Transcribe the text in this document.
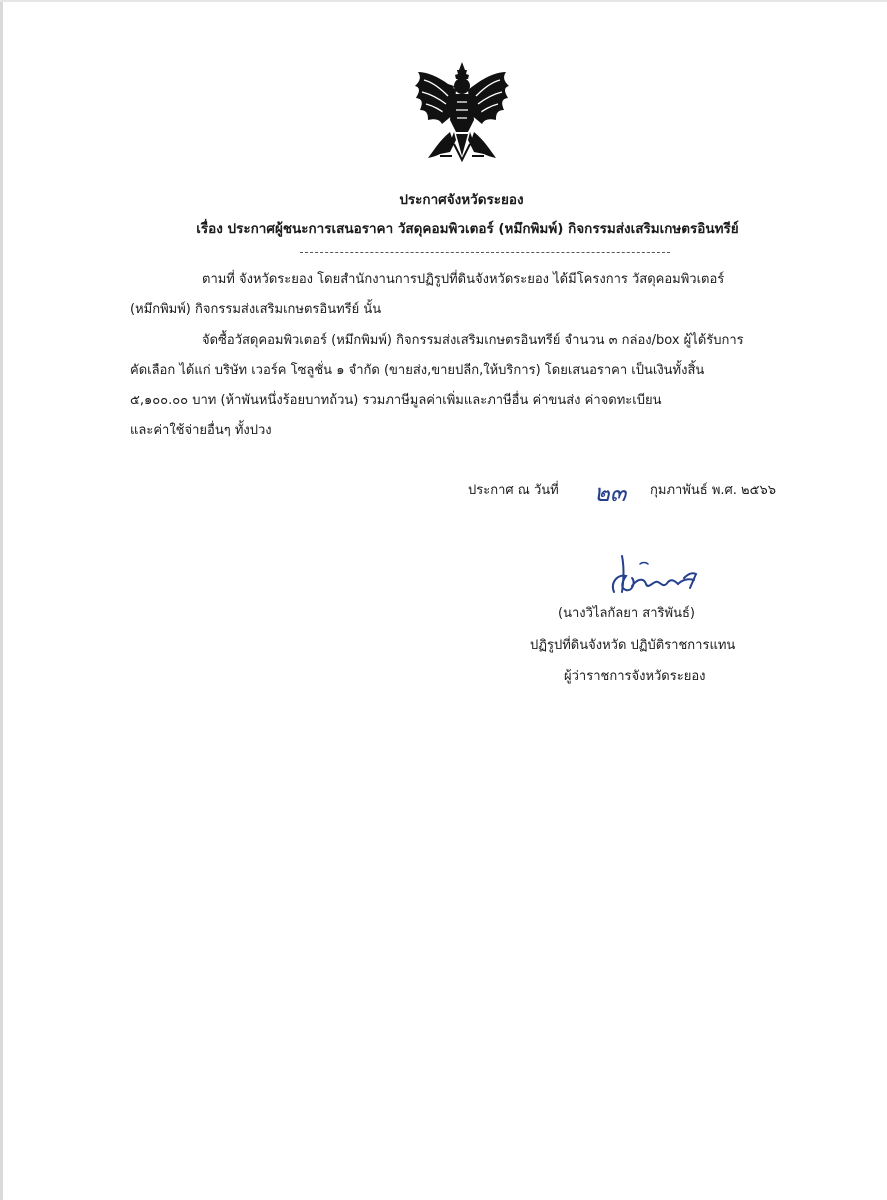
ประกาศจังหวัดระยอง
เรื่อง ประกาศผู้ชนะการเสนอราคา วัสดุคอมพิวเตอร์ (หมึกพิมพ์) กิจกรรมส่งเสริมเกษตรอินทรีย์
ตามที่ จังหวัดระยอง โดยสำนักงานการปฏิรูปที่ดินจังหวัดระยอง ได้มีโครงการ วัสดุคอมพิวเตอร์
(หมึกพิมพ์) กิจกรรมส่งเสริมเกษตรอินทรีย์ นั้น
จัดซื้อวัสดุคอมพิวเตอร์ (หมึกพิมพ์) กิจกรรมส่งเสริมเกษตรอินทรีย์ จำนวน ๓ กล่อง/box ผู้ได้รับการ
คัดเลือก ได้แก่ บริษัท เวอร์ค โซลูชั่น ๑ จำกัด (ขายส่ง,ขายปลีก,ให้บริการ) โดยเสนอราคา เป็นเงินทั้งสิ้น
๕,๑๐๐.๐๐ บาท (ห้าพันหนึ่งร้อยบาทถ้วน) รวมภาษีมูลค่าเพิ่มและภาษีอื่น ค่าขนส่ง ค่าจดทะเบียน
และค่าใช้จ่ายอื่นๆ ทั้งปวง
ประกาศ ณ วันที่ ๒๓ กุมภาพันธ์ พ.ศ. ๒๕๖๖
(นางวิไลกัลยา สาริพันธ์)
ปฏิรูปที่ดินจังหวัด ปฏิบัติราชการแทน
ผู้ว่าราชการจังหวัดระยอง
